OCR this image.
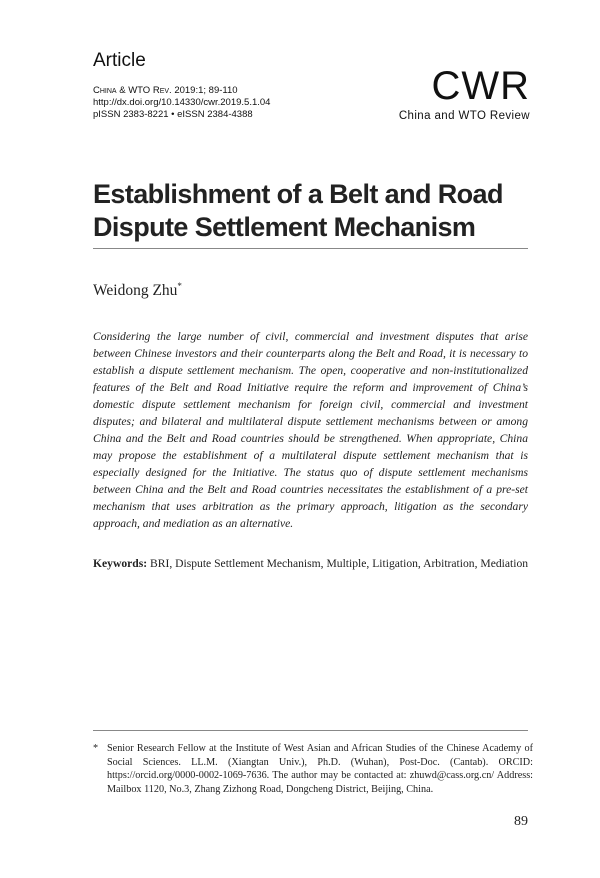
Article
China & WTO Rev. 2019:1; 89-110
http://dx.doi.org/10.14330/cwr.2019.5.1.04
pISSN 2383-8221 • eISSN 2384-4388
CWR
China and WTO Review
Establishment of a Belt and Road Dispute Settlement Mechanism
Weidong Zhu*

Considering the large number of civil, commercial and investment disputes that arise between Chinese investors and their counterparts along the Belt and Road, it is necessary to establish a dispute settlement mechanism. The open, cooperative and non-institutionalized features of the Belt and Road Initiative require the reform and improvement of China’s domestic dispute settlement mechanism for foreign civil, commercial and investment disputes; and bilateral and multilateral dispute settlement mechanisms between or among China and the Belt and Road countries should be strengthened. When appropriate, China may propose the establishment of a multilateral dispute settlement mechanism that is especially designed for the Initiative. The status quo of dispute settlement mechanisms between China and the Belt and Road countries necessitates the establishment of a pre-set mechanism that uses arbitration as the primary approach, litigation as the secondary approach, and mediation as an alternative.

Keywords: BRI, Dispute Settlement Mechanism, Multiple, Litigation, Arbitration, Mediation
* Senior Research Fellow at the Institute of West Asian and African Studies of the Chinese Academy of Social Sciences. LL.M. (Xiangtan Univ.), Ph.D. (Wuhan), Post-Doc. (Cantab). ORCID: https://orcid.org/0000-0002-1069-7636. The author may be contacted at: zhuwd@cass.org.cn/ Address: Mailbox 1120, No.3, Zhang Zizhong Road, Dongcheng District, Beijing, China.
89
